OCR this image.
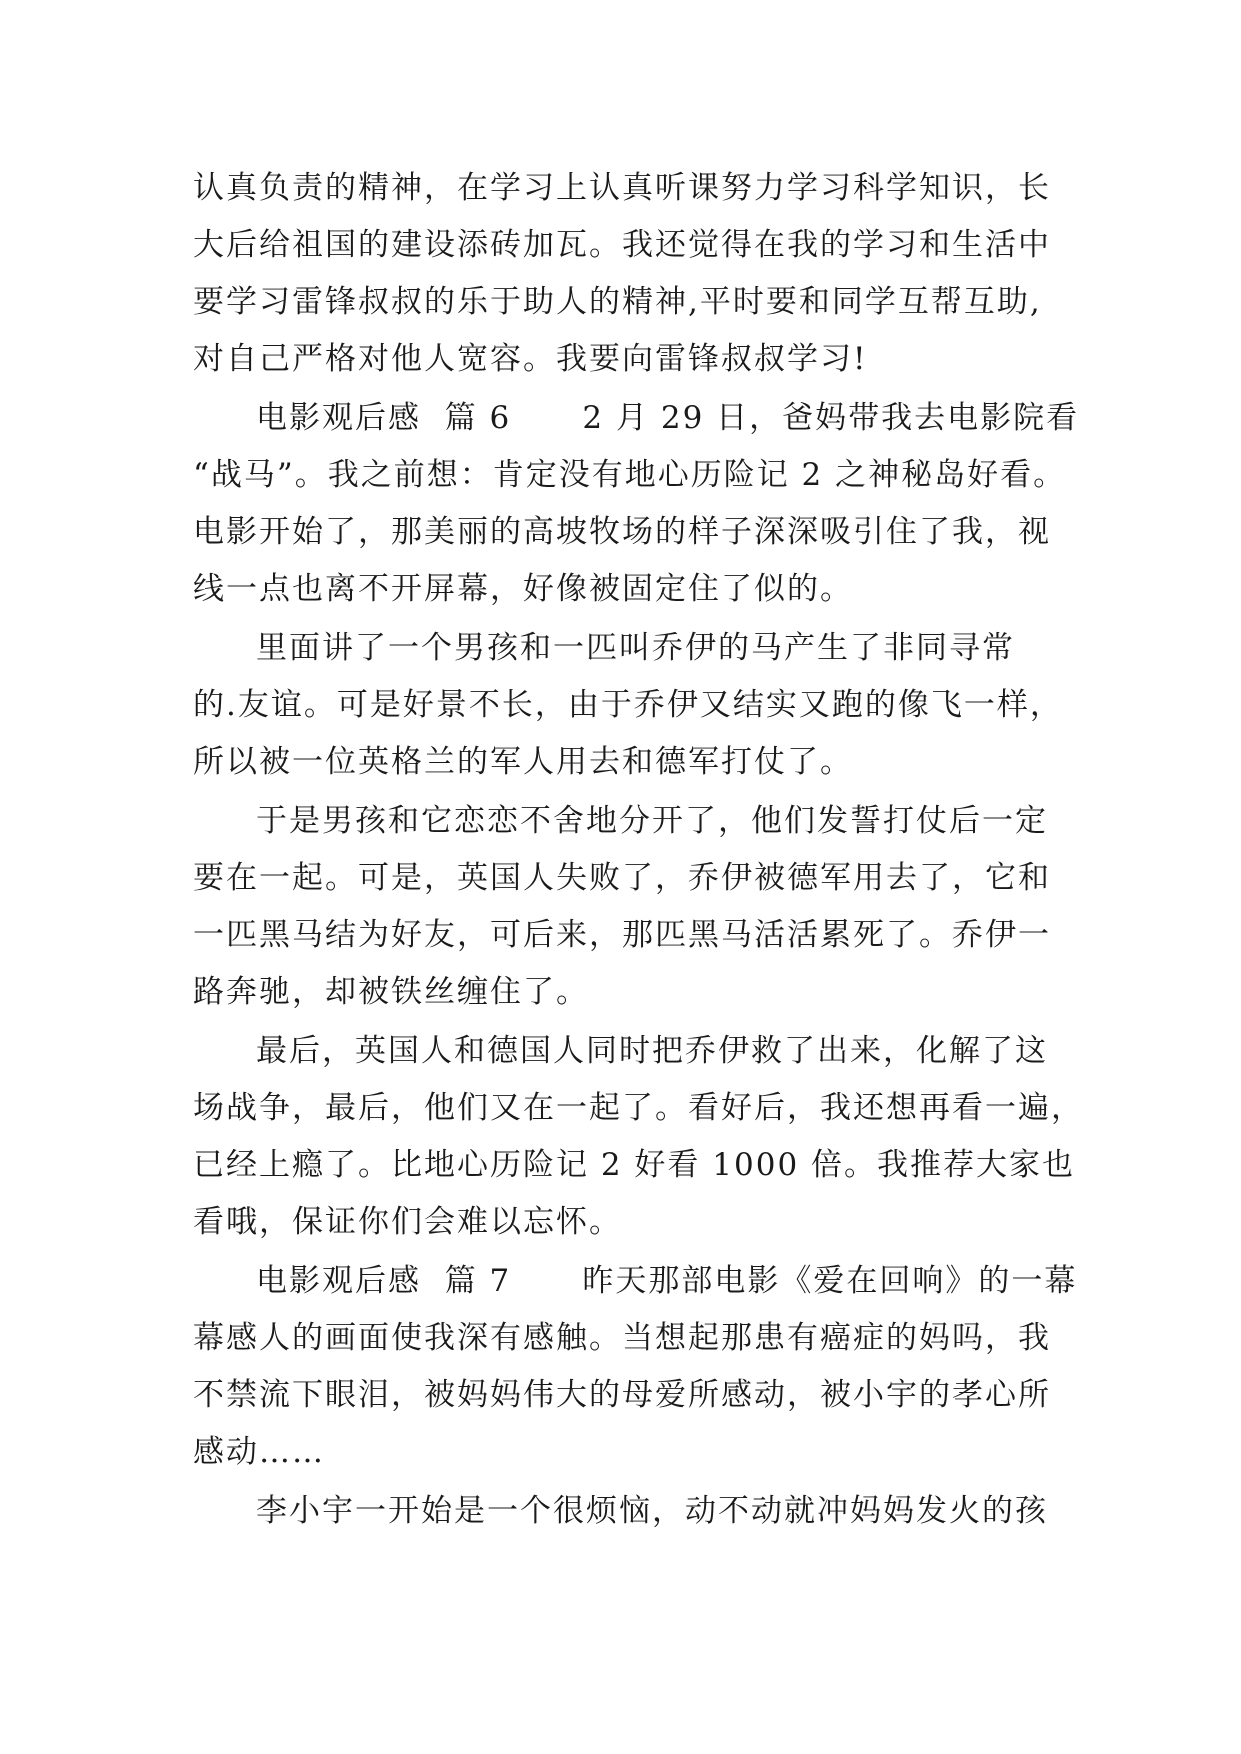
认真负责的精神，在学习上认真听课努力学习科学知识，长
大后给祖国的建设添砖加瓦。我还觉得在我的学习和生活中
要学习雷锋叔叔的乐于助人的精神,平时要和同学互帮互助,
对自己严格对他人宽容。我要向雷锋叔叔学习!
电影观后感  篇 6      2 月 29 日，爸妈带我去电影院看
“战马”。我之前想：肯定没有地心历险记 2 之神秘岛好看。
电影开始了，那美丽的高坡牧场的样子深深吸引住了我，视
线一点也离不开屏幕，好像被固定住了似的。
里面讲了一个男孩和一匹叫乔伊的马产生了非同寻常
的.友谊。可是好景不长，由于乔伊又结实又跑的像飞一样，
所以被一位英格兰的军人用去和德军打仗了。
于是男孩和它恋恋不舍地分开了，他们发誓打仗后一定
要在一起。可是，英国人失败了，乔伊被德军用去了，它和
一匹黑马结为好友，可后来，那匹黑马活活累死了。乔伊一
路奔驰，却被铁丝缠住了。
最后，英国人和德国人同时把乔伊救了出来，化解了这
场战争，最后，他们又在一起了。看好后，我还想再看一遍，
已经上瘾了。比地心历险记 2 好看 1000 倍。我推荐大家也
看哦，保证你们会难以忘怀。
电影观后感  篇 7      昨天那部电影《爱在回响》的一幕
幕感人的画面使我深有感触。当想起那患有癌症的妈吗，我
不禁流下眼泪，被妈妈伟大的母爱所感动，被小宇的孝心所
感动……
李小宇一开始是一个很烦恼，动不动就冲妈妈发火的孩
